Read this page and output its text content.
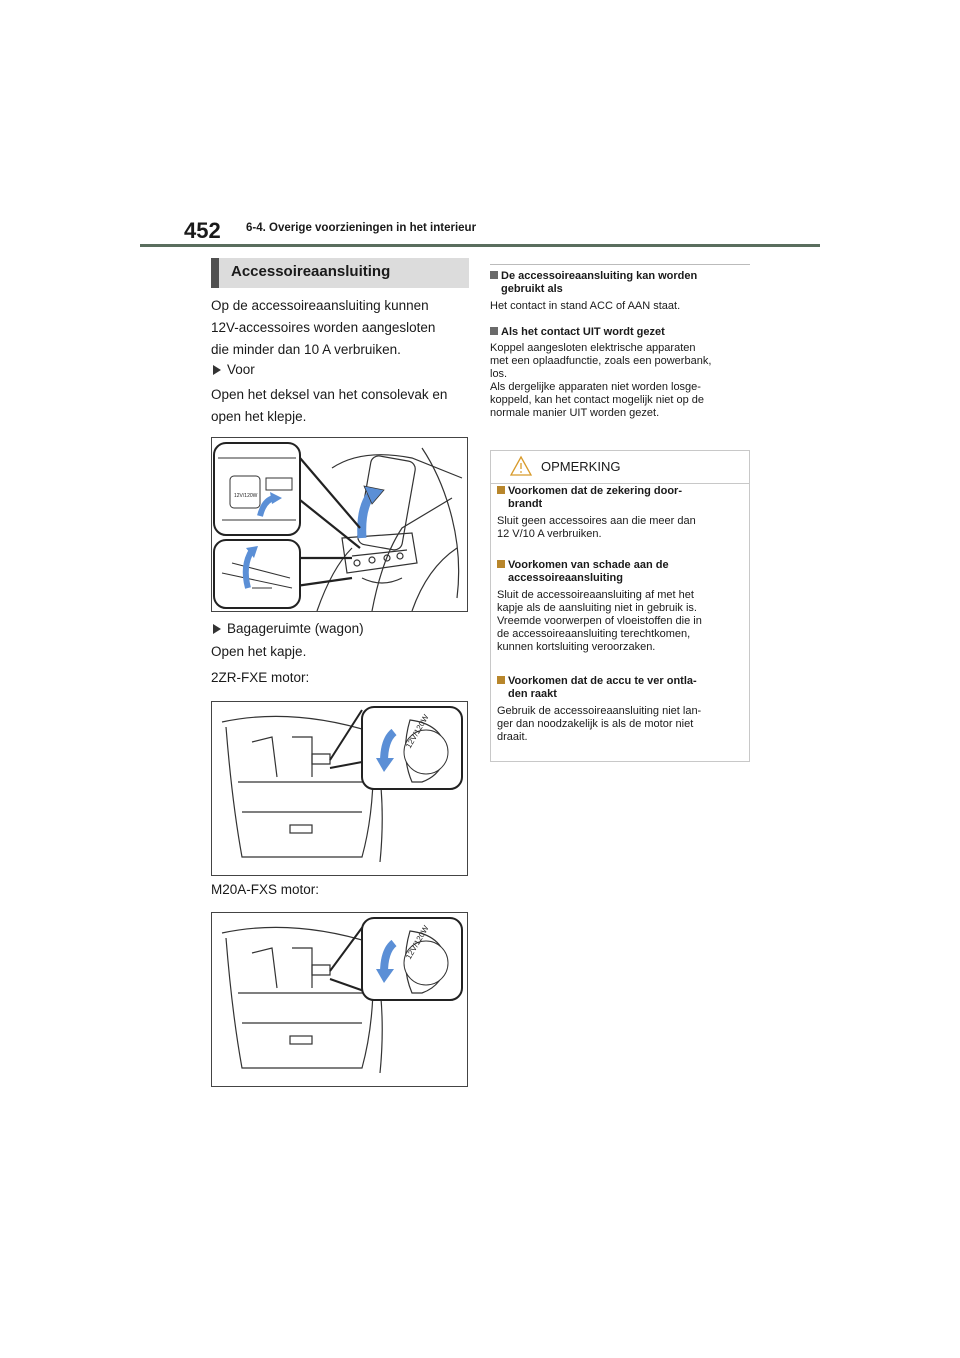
452 6-4. Overige voorzieningen in het interieur
Accessoireaansluiting
Op de accessoireaansluiting kunnen
12V-accessoires worden aangesloten
die minder dan 10 A verbruiken.
Voor
Open het deksel van het consolevak en
open het klepje.
12V/120W
Bagageruimte (wagon)
Open het kapje.
2ZR-FXE motor:
12V/120W
M20A-FXS motor:
12V/120W
De accessoireaansluiting kan worden
gebruikt als
Het contact in stand ACC of AAN staat.
Als het contact UIT wordt gezet
Koppel aangesloten elektrische apparaten
met een oplaadfunctie, zoals een powerbank,
los.
Als dergelijke apparaten niet worden losge-
koppeld, kan het contact mogelijk niet op de
normale manier UIT worden gezet.
OPMERKING
Voorkomen dat de zekering door-
brandt
Sluit geen accessoires aan die meer dan
12 V/10 A verbruiken.
Voorkomen van schade aan de
accessoireaansluiting
Sluit de accessoireaansluiting af met het
kapje als de aansluiting niet in gebruik is.
Vreemde voorwerpen of vloeistoffen die in
de accessoireaansluiting terechtkomen,
kunnen kortsluiting veroorzaken.
Voorkomen dat de accu te ver ontla-
den raakt
Gebruik de accessoireaansluiting niet lan-
ger dan noodzakelijk is als de motor niet
draait.
